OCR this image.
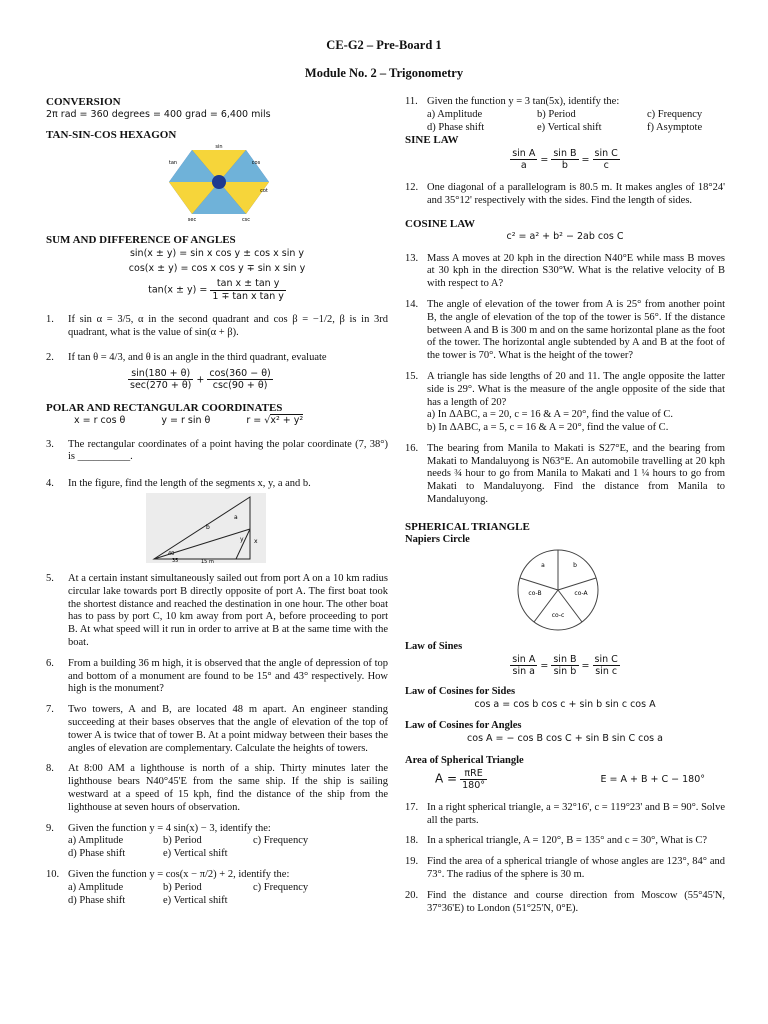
CE-G2 – Pre-Board 1
Module No. 2 – Trigonometry
CONVERSION
2π rad = 360 degrees = 400 grad = 6,400 mils
TAN-SIN-COS HEXAGON
sin
cos
tan
cot
sec	csc
SUM AND DIFFERENCE OF ANGLES
sin(x ± y) = sin x cos y ± cos x sin y
cos(x ± y) = cos x cos y ∓ sin x sin y
$\tan(x \pm y) = \frac{\text{tan x ± tan y}}{\text{1 ∓ tan x tan y}}$
1. If sin α = 3/5, α in the second quadrant and cos β = −1/2, β is in 3rd quadrant, what is the value of sin(α + β).
2. If tan θ = 4/3, and θ is an angle in the third quadrant, evaluate
$\frac{\sin(180 + \theta)}{\sec(270 + \theta)} + \frac{\cos(360 - \theta)}{\csc(90 + \theta)}$
POLAR AND RECTANGULAR COORDINATES
x = r cos θ	y = r sin θ	r = √x² + y²
3. The rectangular coordinates of a point having the polar coordinate (7, 38°) is __________.
4. In the figure, find the length of the segments x, y, a and b.
b
a
x
y
40
35	15 m
5. At a certain instant simultaneously sailed out from port A on a 10 km radius circular lake towards port B directly opposite of port A. The first boat took the shortest distance and reached the destination in one hour. The other boat has to pass by port C, 10 km away from port A, before proceeding to port B. At what speed will it run in order to arrive at B at the same time with the boat.
6. From a building 36 m high, it is observed that the angle of depression of top and bottom of a monument are found to be 15° and 43° respectively. How high is the monument?
7. Two towers, A and B, are located 48 m apart. An engineer standing succeeding at their bases observes that the angle of elevation of the top of tower A is twice that of tower B. At a point midway between their bases the angles of elevation are complementary. Calculate the heights of towers.
8. At 8:00 AM a lighthouse is north of a ship. Thirty minutes later the lighthouse bears N40°45'E from the same ship. If the ship is sailing westward at a speed of 15 kph, find the distance of the ship from the lighthouse at seven hours of observation.
9. Given the function y = 4 sin(x) − 3, identify the:
a) Amplitude	b) Period	c) Frequency
d) Phase shift	e) Vertical shift
10. Given the function y = cos(x − π/2) + 2, identify the:
a) Amplitude	b) Period	c) Frequency
d) Phase shift	e) Vertical shift
11. Given the function y = 3 tan(5x), identify the:
a) Amplitude	b) Period	c) Frequency
d) Phase shift	e) Vertical shift	f) Asymptote
SINE LAW
$\frac{\text{sin A}}{a} = \frac{\text{sin B}}{b} = \frac{\text{sin C}}{c}$
12. One diagonal of a parallelogram is 80.5 m. It makes angles of 18°24' and 35°12' respectively with the sides. Find the length of sides.
COSINE LAW
c² = a² + b² − 2ab cos C
13. Mass A moves at 20 kph in the direction N40°E while mass B moves at 30 kph in the direction S30°W. What is the relative velocity of B with respect to A?
14. The angle of elevation of the tower from A is 25° from another point B, the angle of elevation of the top of the tower is 56°. If the distance between A and B is 300 m and on the same horizontal plane as the foot of the tower. The horizontal angle subtended by A and B at the foot of the tower is 70°. What is the height of the tower?
15. A triangle has side lengths of 20 and 11. The angle opposite the latter side is 29°. What is the measure of the angle opposite of the side that has a length of 20?
a) In ΔABC, a = 20, c = 16 & A = 20°, find the value of C.
b) In ΔABC, a = 5, c = 16 & A = 20°, find the value of C.
16. The bearing from Manila to Makati is S27°E, and the bearing from Makati to Mandaluyong is N63°E. An automobile travelling at 20 kph needs ¾ hour to go from Manila to Makati and 1 ¼ hours to go from Makati to Mandaluyong. Find the distance from Manila to Mandaluyong.
SPHERICAL TRIANGLE
Napiers Circle
a	b
co-B	co-A
co-c
Law of Sines
$\frac{\text{sin A}}{\text{sin a}} = \frac{\text{sin B}}{\text{sin b}} = \frac{\text{sin C}}{\text{sin c}}$
Law of Cosines for Sides
cos a = cos b cos c + sin b sin c cos A
Law of Cosines for Angles
cos A = − cos B cos C + sin B sin C cos a
Area of Spherical Triangle
$A = \frac{\text{πRE}}{180^\circ}$	E = A + B + C − 180°
17. In a right spherical triangle, a = 32°16', c = 119°23' and B = 90°. Solve all the parts.
18. In a spherical triangle, A = 120°, B = 135° and c = 30°, What is C?
19. Find the area of a spherical triangle of whose angles are 123°, 84° and 73°. The radius of the sphere is 30 m.
20. Find the distance and course direction from Moscow (55°45'N, 37°36'E) to London (51°25'N, 0°E).
